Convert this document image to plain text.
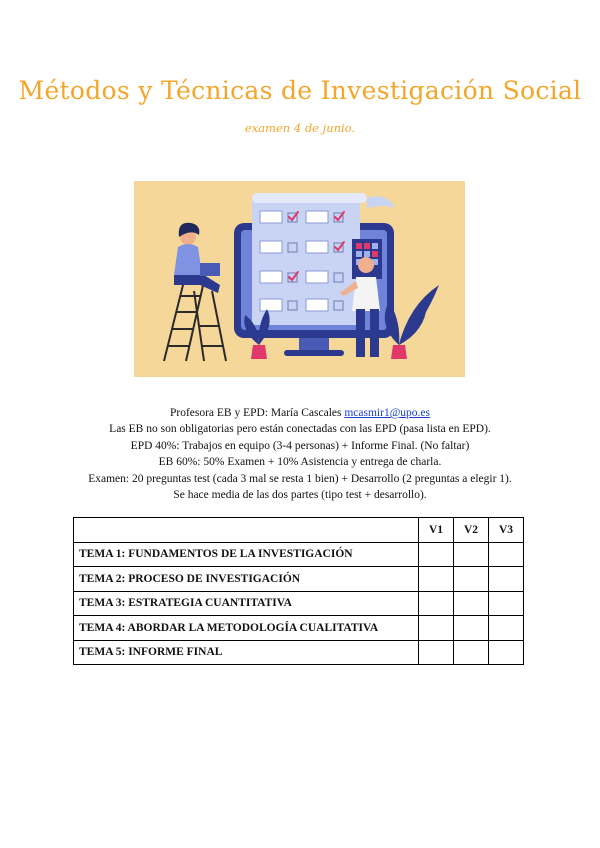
Métodos y Técnicas de Investigación Social
examen 4 de junio.
Profesora EB y EPD: María Cascales mcasmir1@upo.es
Las EB no son obligatorias pero están conectadas con las EPD (pasa lista en EPD).
EPD 40%: Trabajos en equipo (3-4 personas) + Informe Final. (No faltar)
EB 60%: 50% Examen + 10% Asistencia y entrega de charla.
Examen: 20 preguntas test (cada 3 mal se resta 1 bien) + Desarrollo (2 preguntas a elegir 1).
Se hace media de las dos partes (tipo test + desarrollo).
	V1	V2	V3
TEMA 1: FUNDAMENTOS DE LA INVESTIGACIÓN			
TEMA 2: PROCESO DE INVESTIGACIÓN			
TEMA 3: ESTRATEGIA CUANTITATIVA			
TEMA 4: ABORDAR LA METODOLOGÍA CUALITATIVA			
TEMA 5: INFORME FINAL			
